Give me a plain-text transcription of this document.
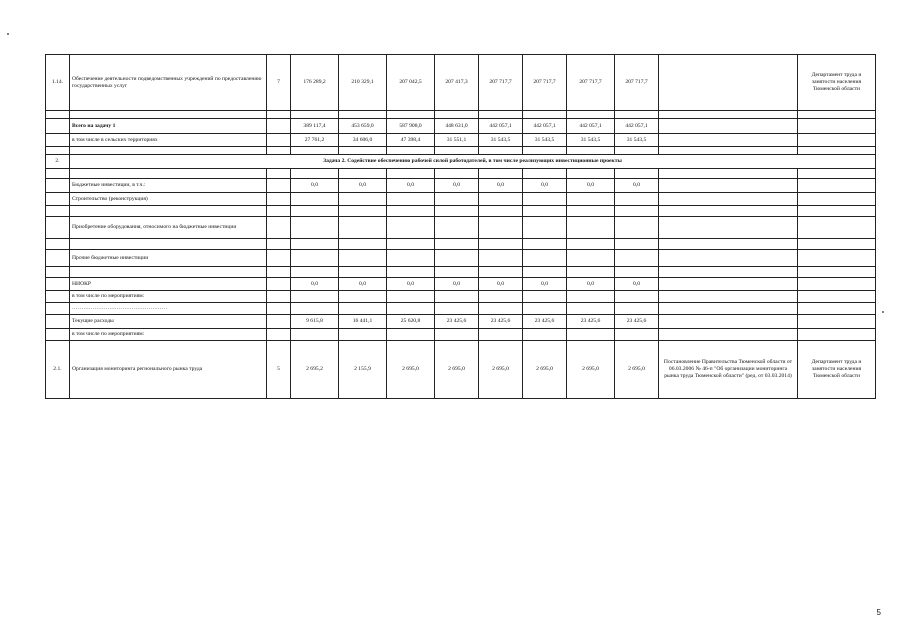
1.14.	Обеспечение деятельности подведомственных учреждений по предоставлению государственных услуг	7	176 289,2	210 329,1	207 042,5	207 417,3	207 717,7	207 717,7	207 717,7	207 717,7		Департамент труда и занятости населения Тюменской области

	Всего на задачу 1		389 117,4	453 659,0	587 908,0	448 631,0	442 057,1	442 057,1	442 057,1	442 057,1		
	в том числе в сельских территориях		27 761,2	34 606,0	47 398,4	31 551,1	31 543,5	31 543,5	31 543,5	31 543,5		

2.	Задача 2. Содействие обеспечению рабочей силой работодателей, в том числе реализующих инвестиционные проекты											

	Бюджетные инвестиции, в т.ч.:		0,0	0,0	0,0	0,0	0,0	0,0	0,0	0,0		
	Строительство (реконструкция)											

	Приобретение оборудования, относимого на бюджетные инвестиции											

	Прочие бюджетные инвестиции											

	НИОКР		0,0	0,0	0,0	0,0	0,0	0,0	0,0	0,0		
	в том числе по мероприятиям:											
	……………………………………………											
	Текущие расходы		9 615,8	16 441,1	25 620,8	23 425,6	23 425,6	23 425,6	23 425,6	23 425,6		
	в том числе по мероприятиям:											
2.1.	Организация мониторинга регионального рынка труда	5	2 695,2	2 155,9	2 695,0	2 695,0	2 695,0	2 695,0	2 695,0	2 695,0	Постановление Правительства Тюменской области от 06.03.2006 № 46-п "Об организации мониторинга рынка труда Тюменской области" (ред. от 03.03.2014)	Департамент труда и занятости населения Тюменской области
5
